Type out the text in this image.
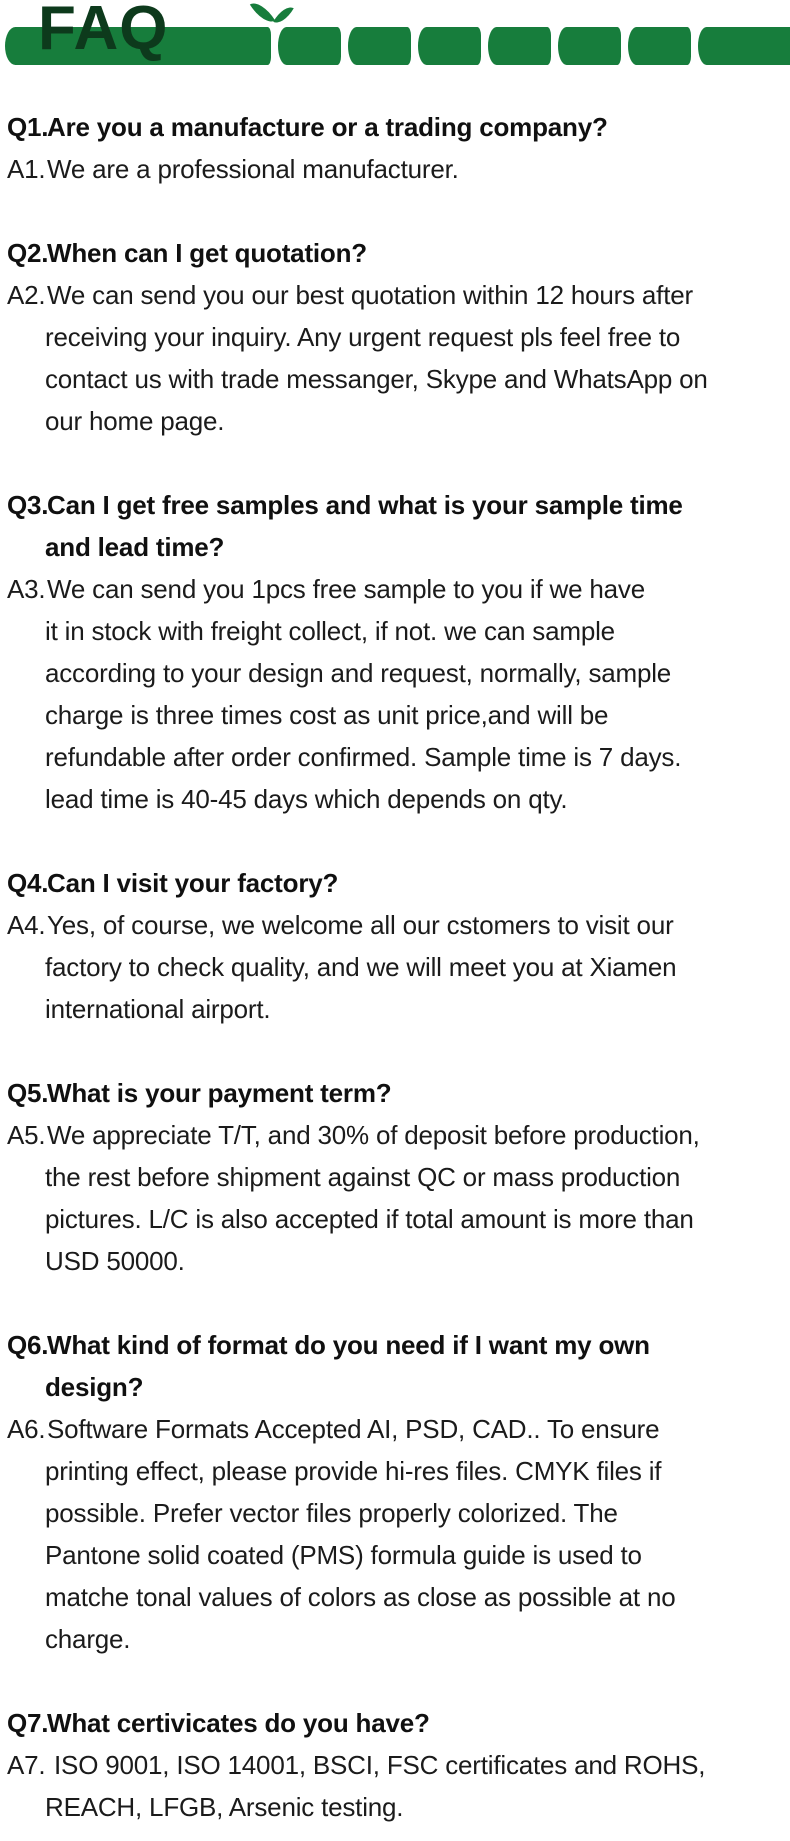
FAQ
Q1.Are you a manufacture or a trading company?
A1.We are a professional manufacturer.
Q2.When can I get quotation?
A2.We can send you our best quotation within 12 hours after
receiving your inquiry. Any urgent request pls feel free to
contact us with trade messanger, Skype and WhatsApp on
our home page.
Q3.Can I get free samples and what is your sample time
and lead time?
A3.We can send you 1pcs free sample to you if we have
it in stock with freight collect, if not. we can sample
according to your design and request, normally, sample
charge is three times cost as unit price,and will be
refundable after order confirmed. Sample time is 7 days.
lead time is 40-45 days which depends on qty.
Q4.Can I visit your factory?
A4.Yes, of course, we welcome all our cstomers to visit our
factory to check quality, and we will meet you at Xiamen
international airport.
Q5.What is your payment term?
A5.We appreciate T/T, and 30% of deposit before production,
the rest before shipment against QC or mass production
pictures. L/C is also accepted if total amount is more than
USD 50000.
Q6.What kind of format do you need if I want my own
design?
A6.Software Formats Accepted AI, PSD, CAD.. To ensure
printing effect, please provide hi-res files. CMYK files if
possible. Prefer vector files properly colorized. The
Pantone solid coated (PMS) formula guide is used to
matche tonal values of colors as close as possible at no
charge.
Q7.What certivicates do you have?
A7. ISO 9001, ISO 14001, BSCI, FSC certificates and ROHS,
REACH, LFGB, Arsenic testing.
